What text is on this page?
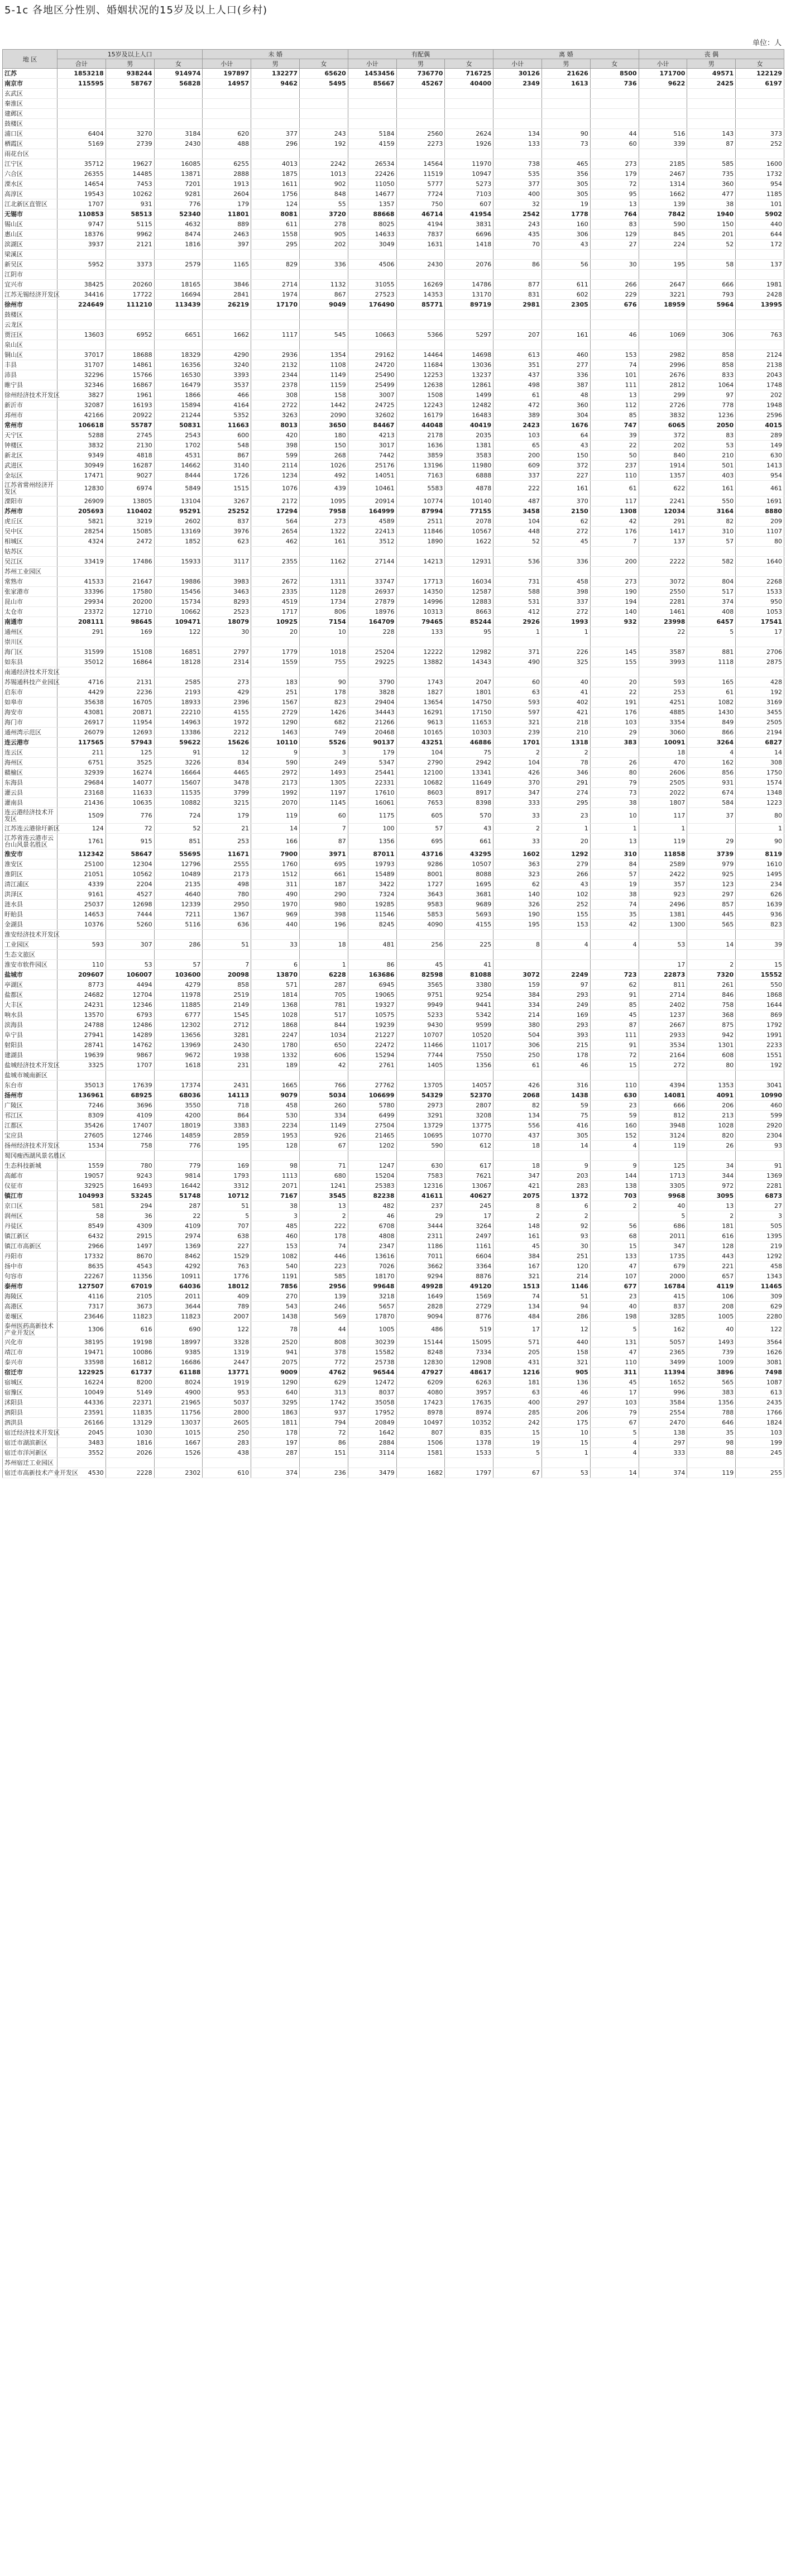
5-1c 各地区分性别、婚姻状况的15岁及以上人口(乡村)
单位：人
地 区	15岁及以上人口			未 婚			有配偶			离 婚			丧 偶		
	合计	男	女	小计	男	女	小计	男	女	小计	男	女	小计	男	女
江苏	1853218	938244	914974	197897	132277	65620	1453456	736770	716725	30126	21626	8500	171700	49571	122129
南京市	115595	58767	56828	14957	9462	5495	85667	45267	40400	2349	1613	736	9622	2425	6197
玄武区															
秦淮区															
建邺区															
鼓楼区															
浦口区	6404	3270	3184	620	377	243	5184	2560	2624	134	90	44	516	143	373
栖霞区	5169	2739	2430	488	296	192	4159	2273	1926	133	73	60	339	87	252
雨花台区															
江宁区	35712	19627	16085	6255	4013	2242	26534	14564	11970	738	465	273	2185	585	1600
六合区	26355	14485	13871	2888	1875	1013	22426	11519	10947	535	356	179	2467	735	1732
溧水区	14654	7453	7201	1913	1611	902	11050	5777	5273	377	305	72	1314	360	954
高淳区	19543	10262	9281	2604	1756	848	14677	7724	7103	400	305	95	1662	477	1185
江北新区直管区	1707	931	776	179	124	55	1357	750	607	32	19	13	139	38	101
无锡市	110853	58513	52340	11801	8081	3720	88668	46714	41954	2542	1778	764	7842	1940	5902
锡山区	9747	5115	4632	889	611	278	8025	4194	3831	243	160	83	590	150	440
惠山区	18376	9962	8474	2463	1558	905	14633	7837	6696	435	306	129	845	201	644
滨湖区	3937	2121	1816	397	295	202	3049	1631	1418	70	43	27	224	52	172
梁溪区															
新吴区	5952	3373	2579	1165	829	336	4506	2430	2076	86	56	30	195	58	137
江阴市															
宜兴市	38425	20260	18165	3846	2714	1132	31055	16269	14786	877	611	266	2647	666	1981
江苏无锡经济开发区	34416	17722	16694	2841	1974	867	27523	14353	13170	831	602	229	3221	793	2428
徐州市	224649	111210	113439	26219	17170	9049	176490	85771	89719	2981	2305	676	18959	5964	13995
鼓楼区															
云龙区															
贾汪区	13603	6952	6651	1662	1117	545	10663	5366	5297	207	161	46	1069	306	763
泉山区															
铜山区	37017	18688	18329	4290	2936	1354	29162	14464	14698	613	460	153	2982	858	2124
丰县	31707	14861	16356	3240	2132	1108	24720	11684	13036	351	277	74	2996	858	2138
沛县	32296	15766	16530	3393	2344	1149	25490	12253	13237	437	336	101	2676	833	2043
睢宁县	32346	16867	16479	3537	2378	1159	25499	12638	12861	498	387	111	2812	1064	1748
徐州经济技术开发区	3827	1961	1866	466	308	158	3007	1508	1499	61	48	13	299	97	202
新沂市	32087	16193	15894	4164	2722	1442	24725	12243	12482	472	360	112	2726	778	1948
邳州市	42166	20922	21244	5352	3263	2090	32602	16179	16483	389	304	85	3832	1236	2596
常州市	106618	55787	50831	11663	8013	3650	84467	44048	40419	2423	1676	747	6065	2050	4015
天宁区	5288	2745	2543	600	420	180	4213	2178	2035	103	64	39	372	83	289
钟楼区	3832	2130	1702	548	398	150	3017	1636	1381	65	43	22	202	53	149
新北区	9349	4818	4531	867	599	268	7442	3859	3583	200	150	50	840	210	630
武进区	30949	16287	14662	3140	2114	1026	25176	13196	11980	609	372	237	1914	501	1413
金坛区	17471	9027	8444	1726	1234	492	14051	7163	6888	337	227	110	1357	403	954
江苏省常州经济开发区	12830	6974	5849	1515	1076	439	10461	5583	4878	222	161	61	622	161	461
溧阳市	26909	13805	13104	3267	2172	1095	20914	10774	10140	487	370	117	2241	550	1691
苏州市	205693	110402	95291	25252	17294	7958	164999	87994	77155	3458	2150	1308	12034	3164	8880
虎丘区	5821	3219	2602	837	564	273	4589	2511	2078	104	62	42	291	82	209
吴中区	28254	15085	13169	3976	2654	1322	22413	11846	10567	448	272	176	1417	310	1107
相城区	4324	2472	1852	623	462	161	3512	1890	1622	52	45	7	137	57	80
姑苏区															
吴江区	33419	17486	15933	3117	2355	1162	27144	14213	12931	536	336	200	2222	582	1640
苏州工业园区															
常熟市	41533	21647	19886	3983	2672	1311	33747	17713	16034	731	458	273	3072	804	2268
张家港市	33396	17580	15456	3463	2335	1128	26937	14350	12587	588	398	190	2550	517	1533
昆山市	29934	20200	15734	8293	4519	1734	27879	14996	12883	531	337	194	2281	374	950
太仓市	23372	12710	10662	2523	1717	806	18976	10313	8663	412	272	140	1461	408	1053
南通市	208111	98645	109471	18079	10925	7154	164709	79465	85244	2926	1993	932	23998	6457	17541
通州区	291	169	122	30	20	10	228	133	95	1	1		22	5	17
崇川区															
海门区	31599	15108	16851	2797	1779	1018	25204	12222	12982	371	226	145	3587	881	2706
如东县	35012	16864	18128	2314	1559	755	29225	13882	14343	490	325	155	3993	1118	2875
南通经济技术开发区															
苏锡通科技产业园区	4716	2131	2585	273	183	90	3790	1743	2047	60	40	20	593	165	428
启东市	4429	2236	2193	429	251	178	3828	1827	1801	63	41	22	253	61	192
如皋市	35638	16705	18933	2396	1567	823	29404	13654	14750	593	402	191	4251	1082	3169
海安市	43081	20871	22210	4155	2729	1426	34443	16291	17150	597	421	176	4885	1430	3455
海门市	26917	11954	14963	1972	1290	682	21266	9613	11653	321	218	103	3354	849	2505
通州湾示范区	26079	12693	13386	2212	1463	749	20468	10165	10303	239	210	29	3060	866	2194
连云港市	117565	57943	59622	15626	10110	5526	90137	43251	46886	1701	1318	383	10091	3264	6827
连云区	211	125	91	12	9	3	179	104	75	2	2		18	4	14
海州区	6751	3525	3226	834	590	249	5347	2790	2942	104	78	26	470	162	308
赣榆区	32939	16274	16664	4465	2972	1493	25441	12100	13341	426	346	80	2606	856	1750
东海县	29684	14077	15607	3478	2173	1305	22331	10682	11649	370	291	79	2505	931	1574
灌云县	23168	11633	11535	3799	1992	1197	17610	8603	8917	347	274	73	2022	674	1348
灌南县	21436	10635	10882	3215	2070	1145	16061	7653	8398	333	295	38	1807	584	1223
连云港经济技术开发区	1509	776	724	179	119	60	1175	605	570	33	23	10	117	37	80
江苏连云港徐圩新区	124	72	52	21	14	7	100	57	43	2	1	1	1		1
江苏省连云港市云台山风景名胜区	1761	915	851	253	166	87	1356	695	661	33	20	13	119	29	90
淮安市	112342	58647	55695	11671	7900	3971	87011	43716	43295	1602	1292	310	11858	3739	8119
淮安区	25100	12304	12796	2555	1760	695	19793	9286	10507	363	279	84	2589	979	1610
淮阴区	21051	10562	10489	2173	1512	661	15489	8001	8088	323	266	57	2422	925	1495
清江浦区	4339	2204	2135	498	311	187	3422	1727	1695	62	43	19	357	123	234
洪泽区	9161	4527	4640	780	490	290	7324	3643	3681	140	102	38	923	297	626
涟水县	25037	12698	12339	2950	1970	980	19285	9583	9689	326	252	74	2496	857	1639
盱眙县	14653	7444	7211	1367	969	398	11546	5853	5693	190	155	35	1381	445	936
金湖县	10376	5260	5116	636	440	196	8245	4090	4155	195	153	42	1300	565	823
淮安经济技术开发区															
工业园区	593	307	286	51	33	18	481	256	225	8	4	4	53	14	39
生态文旅区															
淮安市软件园区	110	53	57	7	6	1	86	45	41				17	2	15
盐城市	209607	106007	103600	20098	13870	6228	163686	82598	81088	3072	2249	723	22873	7320	15552
亭湖区	8773	4494	4279	858	571	287	6945	3565	3380	159	97	62	811	261	550
盐都区	24682	12704	11978	2519	1814	705	19065	9751	9254	384	293	91	2714	846	1868
大丰区	24231	12346	11885	2149	1368	781	19327	9949	9441	334	249	85	2402	758	1644
响水县	13570	6793	6777	1545	1028	517	10575	5233	5342	214	169	45	1237	368	869
滨海县	24788	12486	12302	2712	1868	844	19239	9430	9599	380	293	87	2667	875	1792
阜宁县	27941	14289	13656	3281	2247	1034	21227	10707	10520	504	393	111	2933	942	1991
射阳县	28741	14762	13969	2430	1780	650	22472	11466	11017	306	215	91	3534	1301	2233
建湖县	19639	9867	9672	1938	1332	606	15294	7744	7550	250	178	72	2164	608	1551
盐城经济技术开发区	3325	1707	1618	231	189	42	2761	1405	1356	61	46	15	272	80	192
盐城市城南新区															
东台市	35013	17639	17374	2431	1665	766	27762	13705	14057	426	316	110	4394	1353	3041
扬州市	136961	68925	68036	14113	9079	5034	106699	54329	52370	2068	1438	630	14081	4091	10990
广陵区	7246	3696	3550	718	458	260	5780	2973	2807	82	59	23	666	206	460
邗江区	8309	4109	4200	864	530	334	6499	3291	3208	134	75	59	812	213	599
江都区	35426	17407	18019	3383	2234	1149	27504	13729	13775	556	416	160	3948	1028	2920
宝应县	27605	12746	14859	2859	1953	926	21465	10695	10770	437	305	152	3124	820	2304
扬州经济技术开发区	1534	758	776	195	128	67	1202	590	612	18	14	4	119	26	93
蜀冈瘦西湖风景名胜区															
生态科技新城	1559	780	779	169	98	71	1247	630	617	18	9	9	125	34	91
高邮市	19057	9243	9814	1793	1113	680	15204	7583	7621	347	203	144	1713	344	1369
仪征市	32925	16493	16442	3312	2071	1241	25383	12316	13067	421	283	138	3305	972	2281
镇江市	104993	53245	51748	10712	7167	3545	82238	41611	40627	2075	1372	703	9968	3095	6873
京口区	581	294	287	51	38	13	482	237	245	8	6	2	40	13	27
润州区	58	36	22	5	3	2	46	29	17	2	2		5	2	3
丹徒区	8549	4309	4109	707	485	222	6708	3444	3264	148	92	56	686	181	505
镇江新区	6432	2915	2974	638	460	178	4808	2311	2497	161	93	68	2011	616	1395
镇江市高新区	2966	1497	1369	227	153	74	2347	1186	1161	45	30	15	347	128	219
丹阳市	17332	8670	8462	1529	1082	446	13616	7011	6604	384	251	133	1735	443	1292
扬中市	8635	4543	4292	763	540	223	7026	3662	3364	167	120	47	679	221	458
句容市	22267	11356	10911	1776	1191	585	18170	9294	8876	321	214	107	2000	657	1343
泰州市	127507	67019	64036	18012	7856	2956	99648	49928	49120	1513	1146	677	16784	4119	11465
海陵区	4116	2105	2011	409	270	139	3218	1649	1569	74	51	23	415	106	309
高港区	7317	3673	3644	789	543	246	5657	2828	2729	134	94	40	837	208	629
姜堰区	23646	11823	11823	2007	1438	569	17870	9094	8776	484	286	198	3285	1005	2280
泰州医药高新技术产业开发区	1306	616	690	122	78	44	1005	486	519	17	12	5	162	40	122
兴化市	38195	19198	18997	3328	2520	808	30239	15144	15095	571	440	131	5057	1493	3564
靖江市	19471	10086	9385	1319	941	378	15582	8248	7334	205	158	47	2365	739	1626
泰兴市	33598	16812	16686	2447	2075	772	25738	12830	12908	431	321	110	3499	1009	3081
宿迁市	122925	61737	61188	13771	9009	4762	96544	47927	48617	1216	905	311	11394	3896	7498
宿城区	16224	8200	8024	1919	1290	629	12472	6209	6263	181	136	45	1652	565	1087
宿豫区	10049	5149	4900	953	640	313	8037	4080	3957	63	46	17	996	383	613
沭阳县	44336	22371	21965	5037	3295	1742	35058	17423	17635	400	297	103	3584	1356	2435
泗阳县	23591	11835	11756	2800	1863	937	17952	8978	8974	285	206	79	2554	788	1766
泗洪县	26166	13129	13037	2605	1811	794	20849	10497	10352	242	175	67	2470	646	1824
宿迁经济技术开发区	2045	1030	1015	250	178	72	1642	807	835	15	10	5	138	35	103
宿迁市湖滨新区	3483	1816	1667	283	197	86	2884	1506	1378	19	15	4	297	98	199
宿迁市洋河新区	3552	2026	1526	438	287	151	3114	1581	1533	5	1	4	333	88	245
苏州宿迁工业园区															
宿迁市高新技术产业开发区	4530	2228	2302	610	374	236	3479	1682	1797	67	53	14	374	119	255
